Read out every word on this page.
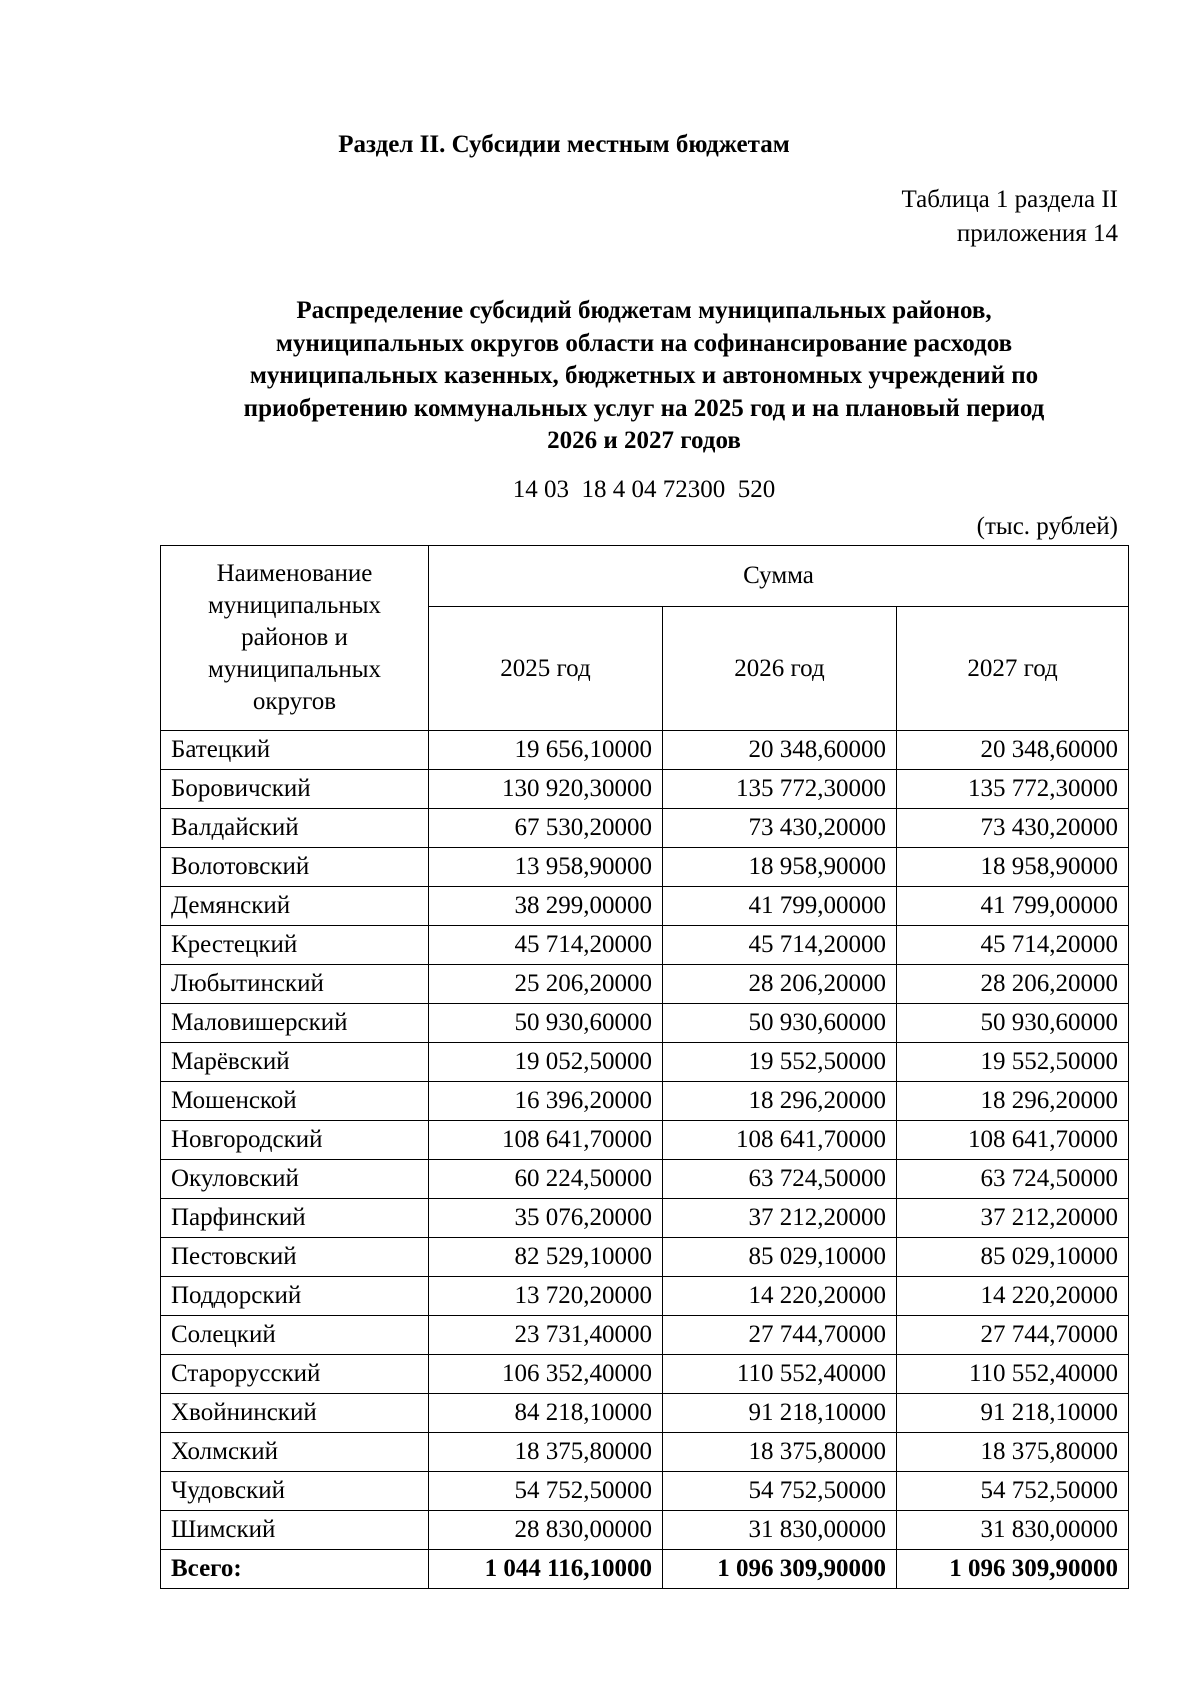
Раздел II. Субсидии местным бюджетам
Таблица 1 раздела II
приложения 14
Распределение субсидий бюджетам муниципальных районов,
муниципальных округов области на софинансирование расходов
муниципальных казенных, бюджетных и автономных учреждений по
приобретению коммунальных услуг на 2025 год и на плановый период
2026 и 2027 годов
14 03  18 4 04 72300  520
(тыс. рублей)
Наименование муниципальных районов и муниципальных округов	Сумма		
	2025 год	2026 год	2027 год
Батецкий	19 656,10000	20 348,60000	20 348,60000
Боровичский	130 920,30000	135 772,30000	135 772,30000
Валдайский	67 530,20000	73 430,20000	73 430,20000
Волотовский	13 958,90000	18 958,90000	18 958,90000
Демянский	38 299,00000	41 799,00000	41 799,00000
Крестецкий	45 714,20000	45 714,20000	45 714,20000
Любытинский	25 206,20000	28 206,20000	28 206,20000
Маловишерский	50 930,60000	50 930,60000	50 930,60000
Марёвский	19 052,50000	19 552,50000	19 552,50000
Мошенской	16 396,20000	18 296,20000	18 296,20000
Новгородский	108 641,70000	108 641,70000	108 641,70000
Окуловский	60 224,50000	63 724,50000	63 724,50000
Парфинский	35 076,20000	37 212,20000	37 212,20000
Пестовский	82 529,10000	85 029,10000	85 029,10000
Поддорский	13 720,20000	14 220,20000	14 220,20000
Солецкий	23 731,40000	27 744,70000	27 744,70000
Старорусский	106 352,40000	110 552,40000	110 552,40000
Хвойнинский	84 218,10000	91 218,10000	91 218,10000
Холмский	18 375,80000	18 375,80000	18 375,80000
Чудовский	54 752,50000	54 752,50000	54 752,50000
Шимский	28 830,00000	31 830,00000	31 830,00000
Всего:	1 044 116,10000	1 096 309,90000	1 096 309,90000
